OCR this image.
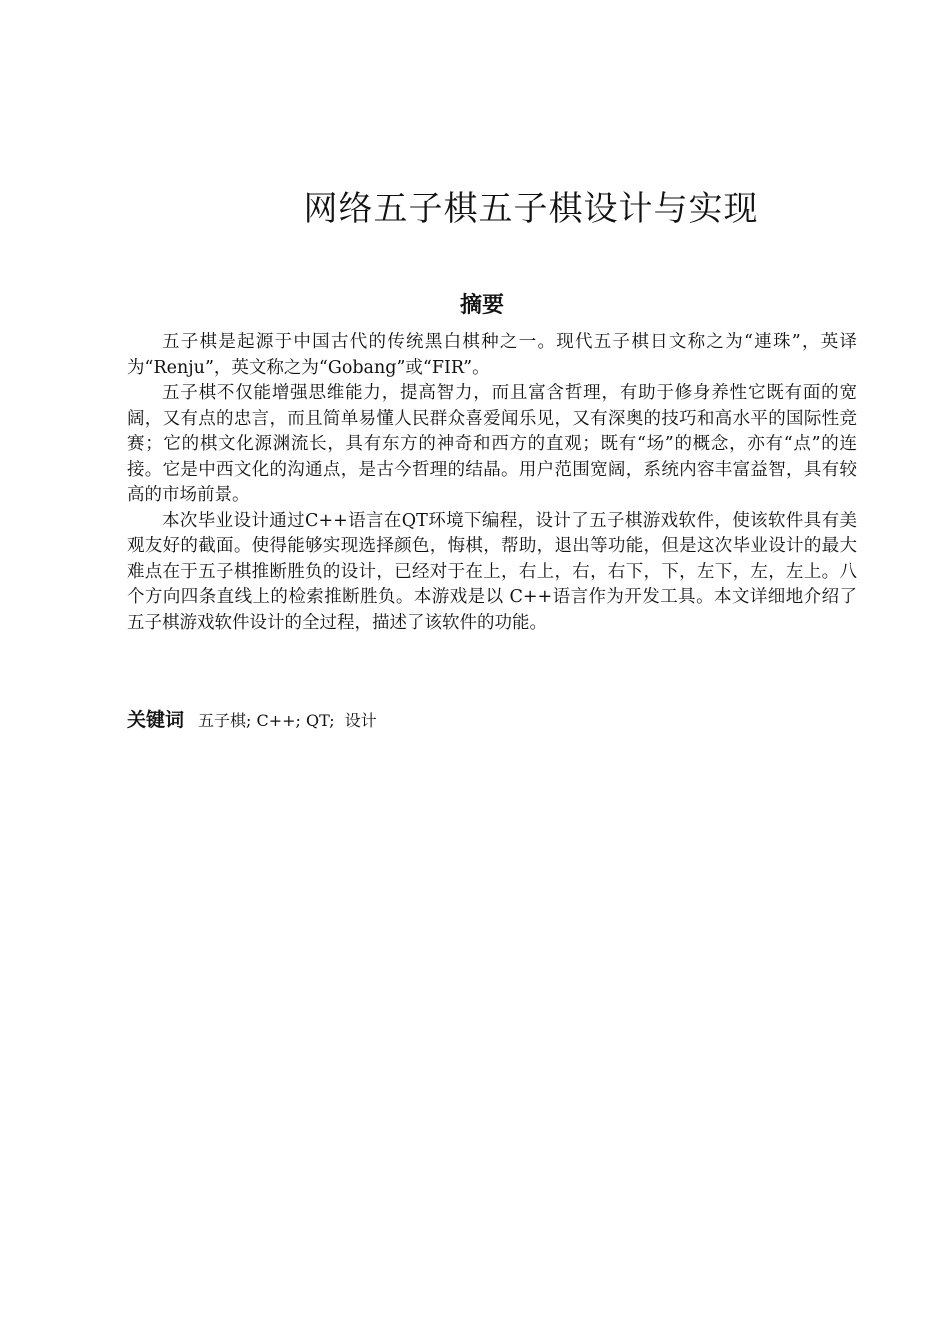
网络五子棋五子棋设计与实现
摘要

五子棋是起源于中国古代的传统黑白棋种之一。现代五子棋日文称之为“連珠”，英译为“Renju”，英文称之为“Gobang”或“FIR”。

五子棋不仅能增强思维能力，提高智力，而且富含哲理，有助于修身养性它既有面的宽阔，又有点的忠言，而且简单易懂人民群众喜爱闻乐见，又有深奥的技巧和高水平的国际性竞赛；它的棋文化源渊流长，具有东方的神奇和西方的直观；既有“场”的概念，亦有“点”的连接。它是中西文化的沟通点，是古今哲理的结晶。用户范围宽阔，系统内容丰富益智，具有较高的市场前景。

本次毕业设计通过C++语言在QT环境下编程，设计了五子棋游戏软件，使该软件具有美观友好的截面。使得能够实现选择颜色，悔棋，帮助，退出等功能，但是这次毕业设计的最大难点在于五子棋推断胜负的设计，已经对于在上，右上，右，右下，下，左下，左，左上。八个方向四条直线上的检索推断胜负。本游戏是以 C++语言作为开发工具。本文详细地介绍了五子棋游戏软件设计的全过程，描述了该软件的功能。

关键词 五子棋; C++; QT;  设计
